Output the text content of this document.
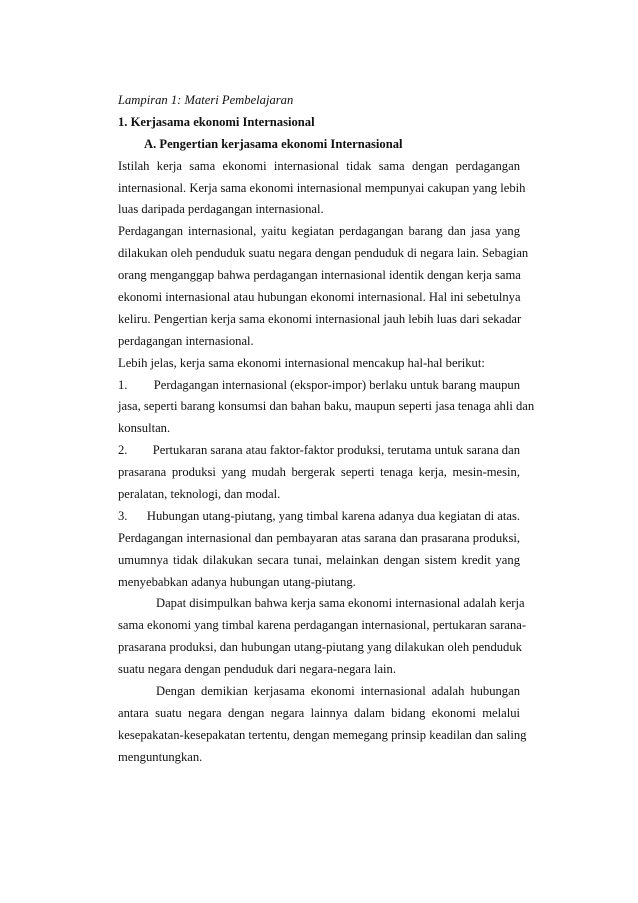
Lampiran 1: Materi Pembelajaran
1. Kerjasama ekonomi Internasional
A. Pengertian kerjasama ekonomi Internasional
Istilah kerja sama ekonomi internasional tidak sama dengan perdagangan
internasional. Kerja sama ekonomi internasional mempunyai cakupan yang lebih
luas daripada perdagangan internasional.
Perdagangan internasional, yaitu kegiatan perdagangan barang dan jasa yang
dilakukan oleh penduduk suatu negara dengan penduduk di negara lain. Sebagian
orang menganggap bahwa perdagangan internasional identik dengan kerja sama
ekonomi internasional atau hubungan ekonomi internasional. Hal ini sebetulnya
keliru. Pengertian kerja sama ekonomi internasional jauh lebih luas dari sekadar
perdagangan internasional.
Lebih jelas, kerja sama ekonomi internasional mencakup hal-hal berikut:
1.	Perdagangan internasional (ekspor-impor) berlaku untuk barang maupun
jasa, seperti barang konsumsi dan bahan baku, maupun seperti jasa tenaga ahli dan
konsultan.
2.	Pertukaran sarana atau faktor-faktor produksi, terutama untuk sarana dan
prasarana produksi yang mudah bergerak seperti tenaga kerja, mesin-mesin,
peralatan, teknologi, dan modal.
3.	Hubungan utang-piutang, yang timbal karena adanya dua kegiatan di atas.
Perdagangan internasional dan pembayaran atas sarana dan prasarana produksi,
umumnya tidak dilakukan secara tunai, melainkan dengan sistem kredit yang
menyebabkan adanya hubungan utang-piutang.
Dapat disimpulkan bahwa kerja sama ekonomi internasional adalah kerja
sama ekonomi yang timbal karena perdagangan internasional, pertukaran sarana-
prasarana produksi, dan hubungan utang-piutang yang dilakukan oleh penduduk
suatu negara dengan penduduk dari negara-negara lain.
Dengan demikian kerjasama ekonomi internasional adalah hubungan
antara suatu negara dengan negara lainnya dalam bidang ekonomi melalui
kesepakatan-kesepakatan tertentu, dengan memegang prinsip keadilan dan saling
menguntungkan.
